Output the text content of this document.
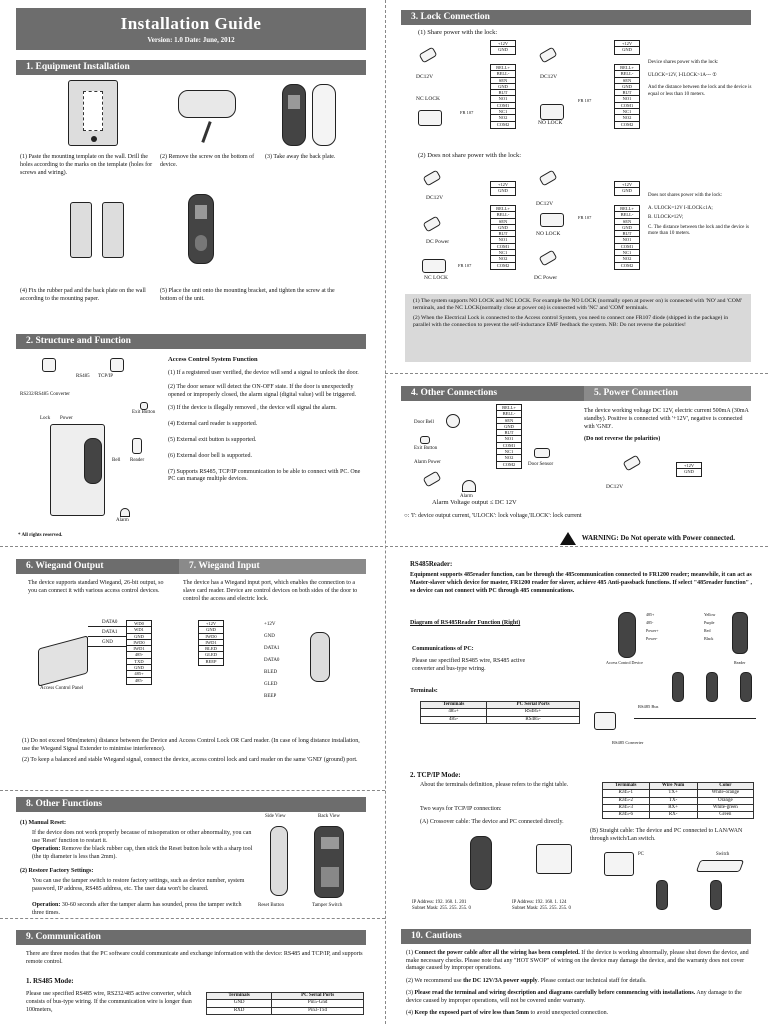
Installation Guide
Version: 1.0 Date: June, 2012
1. Equipment Installation
(1) Paste the mounting template on the wall. Drill the holes according to the marks on the template (holes for screws and wiring).
(2) Remove the screw on the bottom of device.
(3) Take away the back plate.
(4) Fix the rubber pad and the back plate on the wall according to the mounting paper.
(5) Place the unit onto the mounting bracket, and tighten the screw at the bottom of the unit.
2. Structure and Function
RS485 TCP/IP
RS232/RS485 Converter
Lock Power
Exit Button
Bell Reader
Alarm
Access Control System Function
(1) If a registered user verified, the device will send a signal to unlock the door.
(2) The door sensor will detect the ON-OFF state. If the door is unexpectedly opened or improperly closed, the alarm signal (digital value) will be triggered.
(3) If the device is illegally removed , the device will signal the alarm.
(4) External card reader is supported.
(5) External exit button is supported.
(6) External door bell is supported.
(7) Supports RS485, TCP/IP communication to be able to connect with PC. One PC can manage multiple devices.
* All rights reserved.
6. Wiegand Output	7. Wiegand Input
The device supports standard Wiegand, 26-bit output, so you can connect it with various access control devices.
The device has a Wiegand input port, which enables the connection to a slave card reader. Device are control devices on both sides of the door to control the access and electric lock.
DATA0
DATA1
GND
Access Control Panel
WD0
WD1
GND
IWD0
IWD1
485-
TXD
GND
485+
485-
+12V
GND
IWD0
IWD1
BLED
GLED
BEEP
+12V
GND
DATA1
DATA0
BLED
GLED
BEEP
(1) Do not exceed 90m(meters) distance between the Device and Access Control Lock OR Card reader. (In case of long distance installation, use the Wiegand Signal Extender to minimise interference).
(2) To keep a balanced and stable Wiegand signal, connect the device, access control lock and card reader on the same 'GND' (ground) port.
8. Other Functions
(1) Manual Reset:
If the device does not work properly because of misoperation or other abnormality, you can use 'Reset' function to restart it.
Operation: Remove the black rubber cap, then stick the Reset button hole with a sharp tool (the tip diameter is less than 2mm).
(2) Restore Factory Settings:
You can use the tamper switch to restore factory settings, such as device number, system password, IP address, RS485 address, etc. The user data won't be cleared.
Operation: 30-60 seconds after the tamper alarm has sounded, press the tamper switch three times.
Side View	Back View
Reset Button	Tamper Switch
9. Communication
There are three modes that the PC software could communicate and exchange information with the device: RS485 and TCP/IP, and supports remote control.
1. RS485 Mode:
Please use specified RS485 wire, RS232/485 active converter, which consists of bus-type wiring. If the communication wire is longer than 100meters,
Terminals	PC Serial Ports
GND	Pin5-Gnd
RXD	Pin3-Txd
3. Lock Connection
(1) Share power with the lock:
DC12V
NC LOCK
FR 107
+12V
GND
BELL+
BELL-
SEN
GND
BUT
NO1
COM1
NC1
NO2
COM2
DC12V
NO LOCK
FR 107
+12V
GND
BELL+
BELL-
SEN
GND
BUT
NO1
COM1
NC1
NO2
COM2
Device shares power with the lock:
ULOCK=12V, I-ILOCK>1A--- ①
And the distance between the lock and the device is equal or less than 10 meters.
(2) Does not share power with the lock:
DC12V
DC Power
NC LOCK
FR 107
+12V
GND
BELL+
BELL-
SEN
GND
BUT
NO1
COM1
NC1
NO2
COM2
DC12V
NO LOCK
FR 107
DC Power
+12V
GND
BELL+
BELL-
SEN
GND
BUT
NO1
COM1
NC1
NO2
COM2
Does not shares power with the lock:
A. ULOCK=12V I-ILOCK≤1A;
B. ULOCK≠12V;
C. The distance between the lock and the device is more than 10 meters.
(1) The system supports NO LOCK and NC LOCK. For example the NO LOCK (normally open at power on) is connected with 'NO' and 'COM' terminals, and the NC LOCK(normally close at power on) is connected with 'NC' and 'COM' terminals.
(2) When the Electrical Lock is connected to the Access control System, you need to connect one FR107 diode (shipped in the package) in parallel with the connection to prevent the self-inductance EMF feedback the system. NB: Do not reverse the polarities!
4. Other Connections	5. Power Connection
Door Bell
Exit Button
Alarm Power
Alarm
BELL+
BELL-
SEN
GND
BUT
NO1
COM1
NC1
NO2
COM2	Door Sensor
Alarm Voltage output ≤ DC 12V
○: 'I': device output current, 'ULOCK': lock voltage,'ILOCK': lock current
The device working voltage DC 12V, electric current 500mA (30mA standby). Positive is connected with '+12V', negative is connected with 'GND'.
(Do not reverse the polarities)
DC12V
+12V
GND
WARNING: Do Not operate with Power connected.
RS485Reader:
Equipment supports 485reader function, can be through the 485communication connected to FR1200 reader; meanwhile, it can act as Master-slaver which device for master, FR1200 reader for slaver, achieve 485 Anti-passback functions. If select "485reader function" , so device can not connect with PC through 485 communications.
Diagram of RS485Reader Function (Right)
Access Control Device
485+
485-
Power+
Power-
Yellow
Purple
Red
Black
Reader
Communications of PC:
Please use specified RS485 wire, RS485 active converter and bus-type wiring.
Terminals:
Terminals	PC Serial Ports
485+	RS485+
485-	RS485-
RS485 Bus
RS485 Converter
2. TCP/IP Mode:
About the terminals definition, please refers to the right table.
Two ways for TCP/IP connection:
(A) Crossover cable: The device and PC connected directly.
Terminals	Wire Num	Color
RJ45-1	TX+	White-orange
RJ45-2	TX-	Orange
RJ45-3	RX+	White-green
RJ45-6	RX-	Green
(B) Straight cable: The device and PC connected to LAN/WAN through switch/Lan switch.
IP Address: 192. 168. 1. 201
Subnet Mask: 255. 255. 255. 0
IP Address: 192. 168. 1. 124
Subnet Mask: 255. 255. 255. 0
PC	Switch
10. Cautions
(1) Connect the power cable after all the wiring has been completed. If the device is working abnormally, please shut down the device, and make necessary checks. Please note that any "HOT SWOP" of wiring on the device may damage the device, and the warranty does not cover damage caused by improper operations.
(2) We recommend use the DC 12V/3A power supply. Please contact our technical staff for details.
(3) Please read the terminal and wiring description and diagrams carefully before commencing with installations. Any damage to the device caused by improper operations, will not be covered under warranty.
(4) Keep the exposed part of wire less than 5mm to avoid unexpected connection.
